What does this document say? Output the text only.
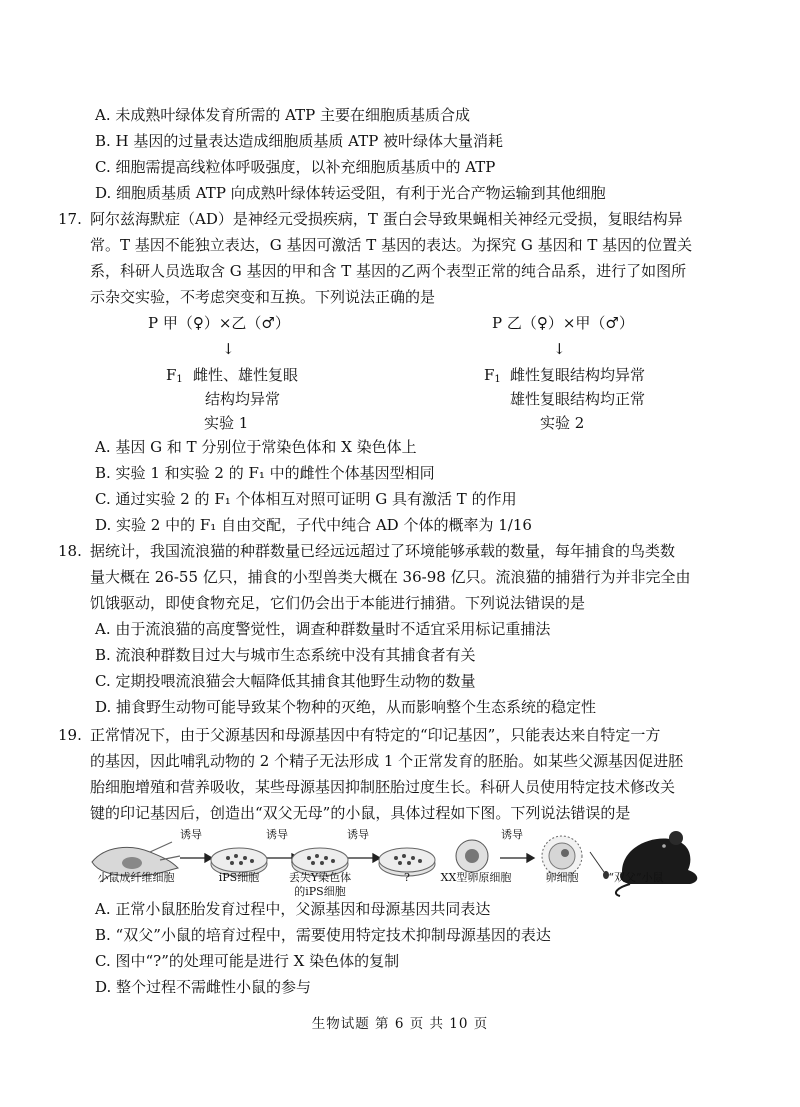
A. 未成熟叶绿体发育所需的 ATP 主要在细胞质基质合成
B. H 基因的过量表达造成细胞质基质 ATP 被叶绿体大量消耗
C. 细胞需提高线粒体呼吸强度，以补充细胞质基质中的 ATP
D. 细胞质基质 ATP 向成熟叶绿体转运受阻，有利于光合产物运输到其他细胞
17. 阿尔兹海默症（AD）是神经元受损疾病，T 蛋白会导致果蝇相关神经元受损，复眼结构异
常。T 基因不能独立表达，G 基因可激活 T 基因的表达。为探究 G 基因和 T 基因的位置关
系，科研人员选取含 G 基因的甲和含 T 基因的乙两个表型正常的纯合品系，进行了如图所
示杂交实验，不考虑突变和互换。下列说法正确的是
P 甲（♀）×乙（♂）
↓
$F_1$ 雌性、雄性复眼
结构均异常
实验 1
P 乙（♀）×甲（♂）
↓
$F_1$ 雌性复眼结构均异常
雄性复眼结构均正常
实验 2
A. 基因 G 和 T 分别位于常染色体和 X 染色体上
B. 实验 1 和实验 2 的 F₁ 中的雌性个体基因型相同
C. 通过实验 2 的 F₁ 个体相互对照可证明 G 具有激活 T 的作用
D. 实验 2 中的 F₁ 自由交配，子代中纯合 AD 个体的概率为 1/16
18. 据统计，我国流浪猫的种群数量已经远远超过了环境能够承载的数量，每年捕食的鸟类数
量大概在 26-55 亿只，捕食的小型兽类大概在 36-98 亿只。流浪猫的捕猎行为并非完全由
饥饿驱动，即使食物充足，它们仍会出于本能进行捕猎。下列说法错误的是
A. 由于流浪猫的高度警觉性，调查种群数量时不适宜采用标记重捕法
B. 流浪种群数目过大与城市生态系统中没有其捕食者有关
C. 定期投喂流浪猫会大幅降低其捕食其他野生动物的数量
D. 捕食野生动物可能导致某个物种的灭绝，从而影响整个生态系统的稳定性
19. 正常情况下，由于父源基因和母源基因中有特定的“印记基因”，只能表达来自特定一方
的基因，因此哺乳动物的 2 个精子无法形成 1 个正常发育的胚胎。如某些父源基因促进胚
胎细胞增殖和营养吸收，某些母源基因抑制胚胎过度生长。科研人员使用特定技术修改关
键的印记基因后，创造出“双父无母”的小鼠，具体过程如下图。下列说法错误的是
诱导	诱导	诱导	诱导
小鼠成纤维细胞	iPS细胞	丢失Y染色体
的iPS细胞
?	XX型卵原细胞	卵细胞	“双父”小鼠
A. 正常小鼠胚胎发育过程中，父源基因和母源基因共同表达
B. “双父”小鼠的培育过程中，需要使用特定技术抑制母源基因的表达
C. 图中“?”的处理可能是进行 X 染色体的复制
D. 整个过程不需雌性小鼠的参与
生物试题 第 6 页 共 10 页
